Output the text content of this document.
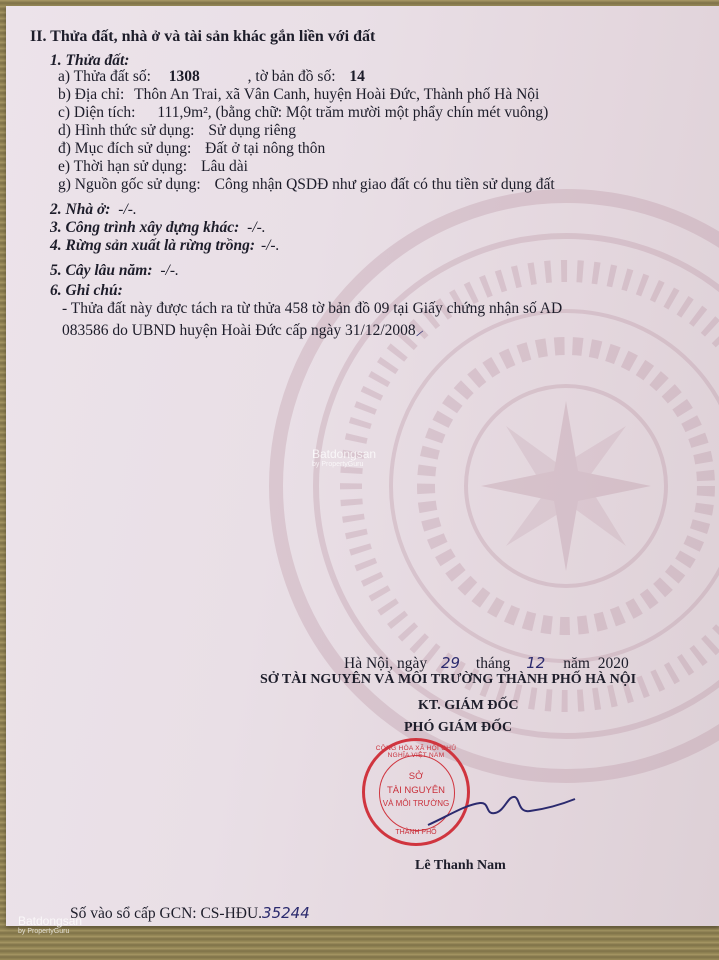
II. Thửa đất, nhà ở và tài sản khác gắn liền với đất
1. Thửa đất:
a) Thửa đất số: 1308	, tờ bản đồ số: 14
b) Địa chỉ: Thôn An Trai, xã Vân Canh, huyện Hoài Đức, Thành phố Hà Nội
c) Diện tích: 111,9m², (bằng chữ: Một trăm mười một phẩy chín mét vuông)
d) Hình thức sử dụng: Sử dụng riêng
đ) Mục đích sử dụng: Đất ở tại nông thôn
e) Thời hạn sử dụng: Lâu dài
g) Nguồn gốc sử dụng: Công nhận QSDĐ như giao đất có thu tiền sử dụng đất
2. Nhà ở: -/-.
3. Công trình xây dựng khác: -/-.
4. Rừng sản xuất là rừng trồng: -/-.
5. Cây lâu năm: -/-.
6. Ghi chú:
- Thửa đất này được tách ra từ thửa 458 tờ bản đồ 09 tại Giấy chứng nhận số AD
083586 do UBND huyện Hoài Đức cấp ngày 31/12/2008⸝
Hà Nội, ngày 29 tháng 12 năm 2020
SỞ TÀI NGUYÊN VÀ MÔI TRƯỜNG THÀNH PHỐ HÀ NỘI
KT. GIÁM ĐỐC
PHÓ GIÁM ĐỐC
CỘNG HÒA XÃ HỘI CHỦ NGHĨA VIỆT NAM
SỞ
TÀI NGUYÊN
VÀ MÔI TRƯỜNG
THÀNH PHỐ
Lê Thanh Nam
Số vào sổ cấp GCN: CS-HĐU.35244
Batdongsan
by PropertyGuru
Batdongsan
by PropertyGuru
